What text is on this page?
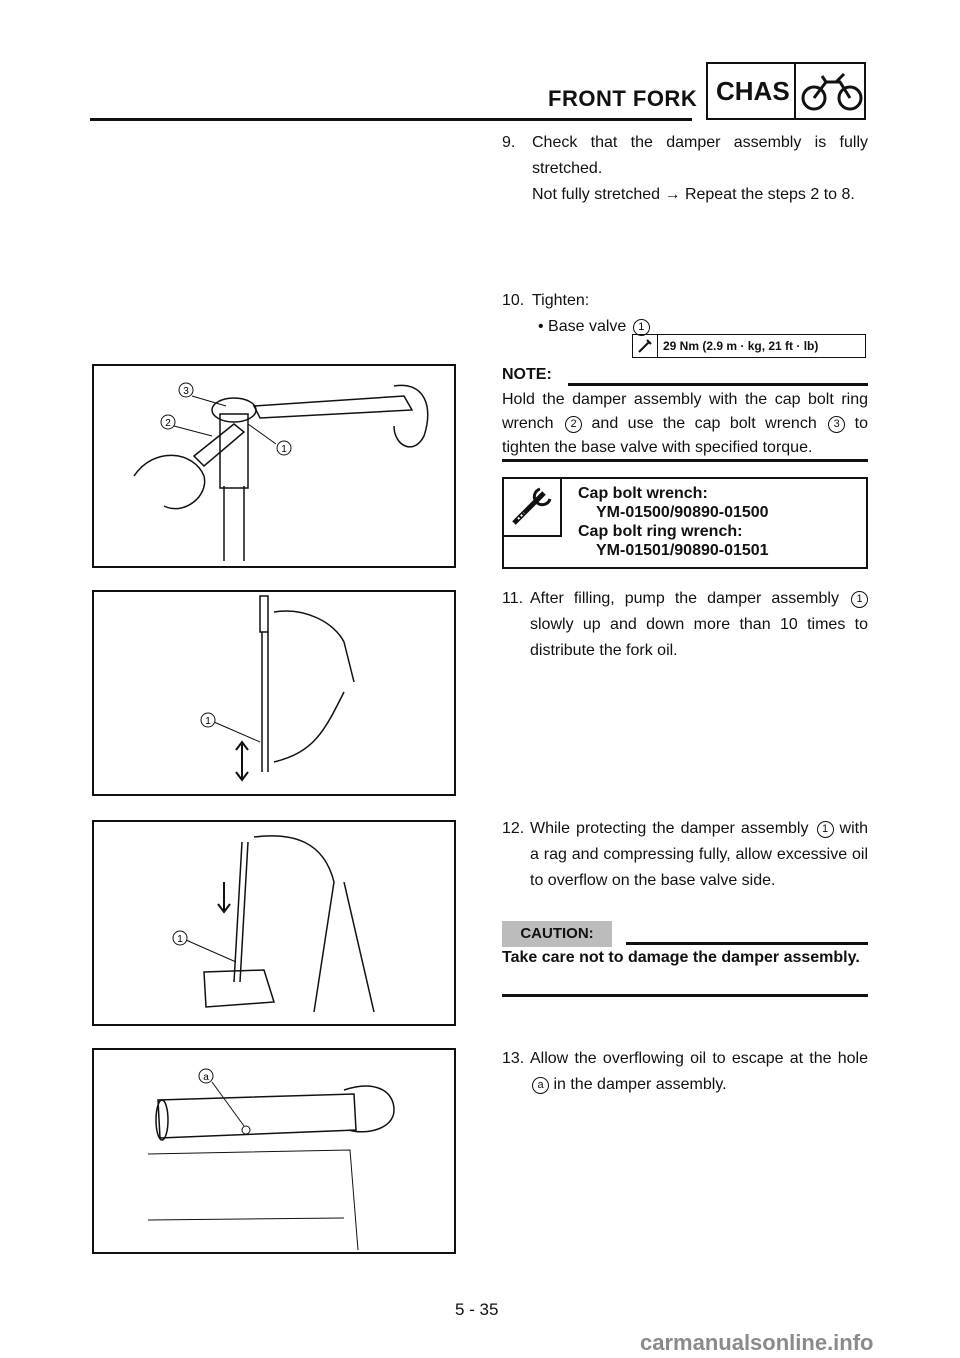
FRONT FORK CHAS
9. Check that the damper assembly is fully stretched.
Not fully stretched → Repeat the steps 2 to 8.
10. Tighten:
• Base valve 1
29 Nm (2.9 m · kg, 21 ft · lb)
NOTE:
Hold the damper assembly with the cap bolt ring wrench 2 and use the cap bolt wrench 3 to tighten the base valve with specified torque.
Cap bolt wrench:
YM-01500/90890-01500
Cap bolt ring wrench:
YM-01501/90890-01501
11. After filling, pump the damper assembly 1 slowly up and down more than 10 times to distribute the fork oil.
12. While protecting the damper assembly 1 with a rag and compressing fully, allow excessive oil to overflow on the base valve side.
CAUTION:
Take care not to damage the damper assembly.
13. Allow the overflowing oil to escape at the hole a in the damper assembly.
3
2
1
1
1
a
5 - 35
carmanualsonline.info
